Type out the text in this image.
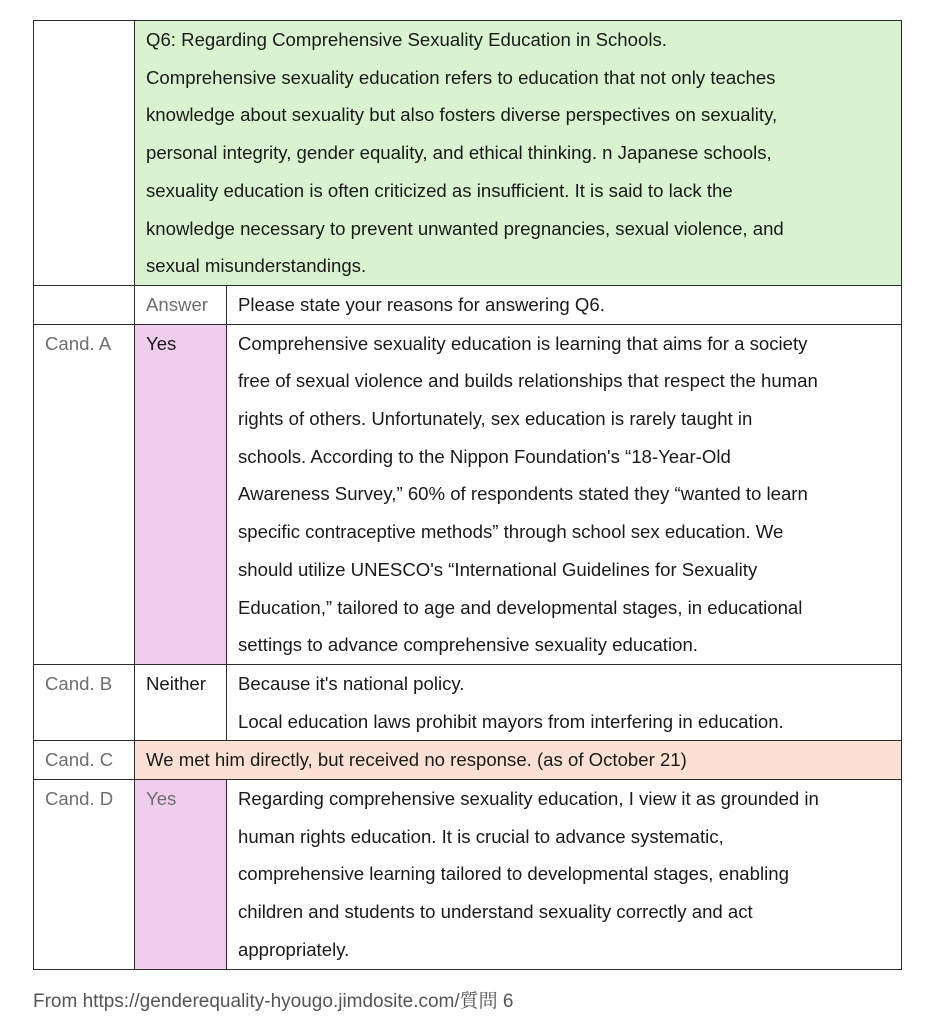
Q6: Regarding Comprehensive Sexuality Education in Schools.
Comprehensive sexuality education refers to education that not only teaches
knowledge about sexuality but also fosters diverse perspectives on sexuality,
personal integrity, gender equality, and ethical thinking. n Japanese schools,
sexuality education is often criticized as insufficient. It is said to lack the
knowledge necessary to prevent unwanted pregnancies, sexual violence, and
sexual misunderstandings.

	Answer	Please state your reasons for answering Q6.
Cand. A	Yes	Comprehensive sexuality education is learning that aims for a society
free of sexual violence and builds relationships that respect the human
rights of others. Unfortunately, sex education is rarely taught in
schools. According to the Nippon Foundation's “18-Year-Old
Awareness Survey,” 60% of respondents stated they “wanted to learn
specific contraceptive methods” through school sex education. We
should utilize UNESCO's “International Guidelines for Sexuality
Education,” tailored to age and developmental stages, in educational
settings to advance comprehensive sexuality education.

Cand. B	Neither	Because it's national policy.
Local education laws prohibit mayors from interfering in education.

Cand. C	We met him directly, but received no response. (as of October 21)	
Cand. D	Yes	Regarding comprehensive sexuality education, I view it as grounded in
human rights education. It is crucial to advance systematic,
comprehensive learning tailored to developmental stages, enabling
children and students to understand sexuality correctly and act
appropriately.
From https://genderequality-hyougo.jimdosite.com/質問 6
